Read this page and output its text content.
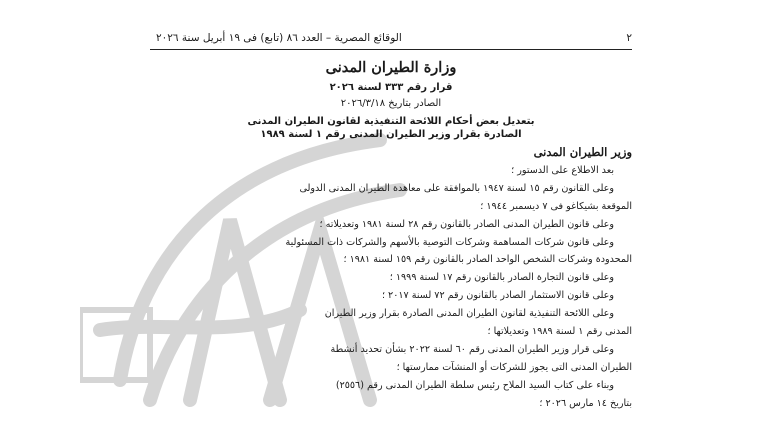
٢
الوقائع المصرية – العدد ٨٦ (تابع) فى ١٩ أبريل سنة ٢٠٢٦
وزارة الطيران المدنى
قرار رقم ٣٣٣ لسنة ٢٠٢٦
الصادر بتاريخ ٢٠٢٦/٣/١٨
بتعديل بعض أحكام اللائحة التنفيذية لقانون الطيران المدنى
الصادرة بقرار وزير الطيران المدنى رقم ١ لسنة ١٩٨٩
وزير الطيران المدنى
بعد الاطلاع على الدستور ؛
وعلى القانون رقم ١٥ لسنة ١٩٤٧ بالموافقة على معاهدة الطيران المدنى الدولى
الموقعة بشيكاغو فى ٧ ديسمبر ١٩٤٤ ؛
وعلى قانون الطيران المدنى الصادر بالقانون رقم ٢٨ لسنة ١٩٨١ وتعديلاته ؛
وعلى قانون شركات المساهمة وشركات التوصية بالأسهم والشركات ذات المسئولية
المحدودة وشركات الشخص الواحد الصادر بالقانون رقم ١٥٩ لسنة ١٩٨١ ؛
وعلى قانون التجارة الصادر بالقانون رقم ١٧ لسنة ١٩٩٩ ؛
وعلى قانون الاستثمار الصادر بالقانون رقم ٧٢ لسنة ٢٠١٧ ؛
وعلى اللائحة التنفيذية لقانون الطيران المدنى الصادرة بقرار وزير الطيران
المدنى رقم ١ لسنة ١٩٨٩ وتعديلاتها ؛
وعلى قرار وزير الطيران المدنى رقم ٦٠ لسنة ٢٠٢٢ بشأن تحديد أنشطة
الطيران المدنى التى يجوز للشركات أو المنشآت ممارستها ؛
وبناء على كتاب السيد الملاح رئيس سلطة الطيران المدنى رقم (٢٥٥٦)
بتاريخ ١٤ مارس ٢٠٢٦ ؛
